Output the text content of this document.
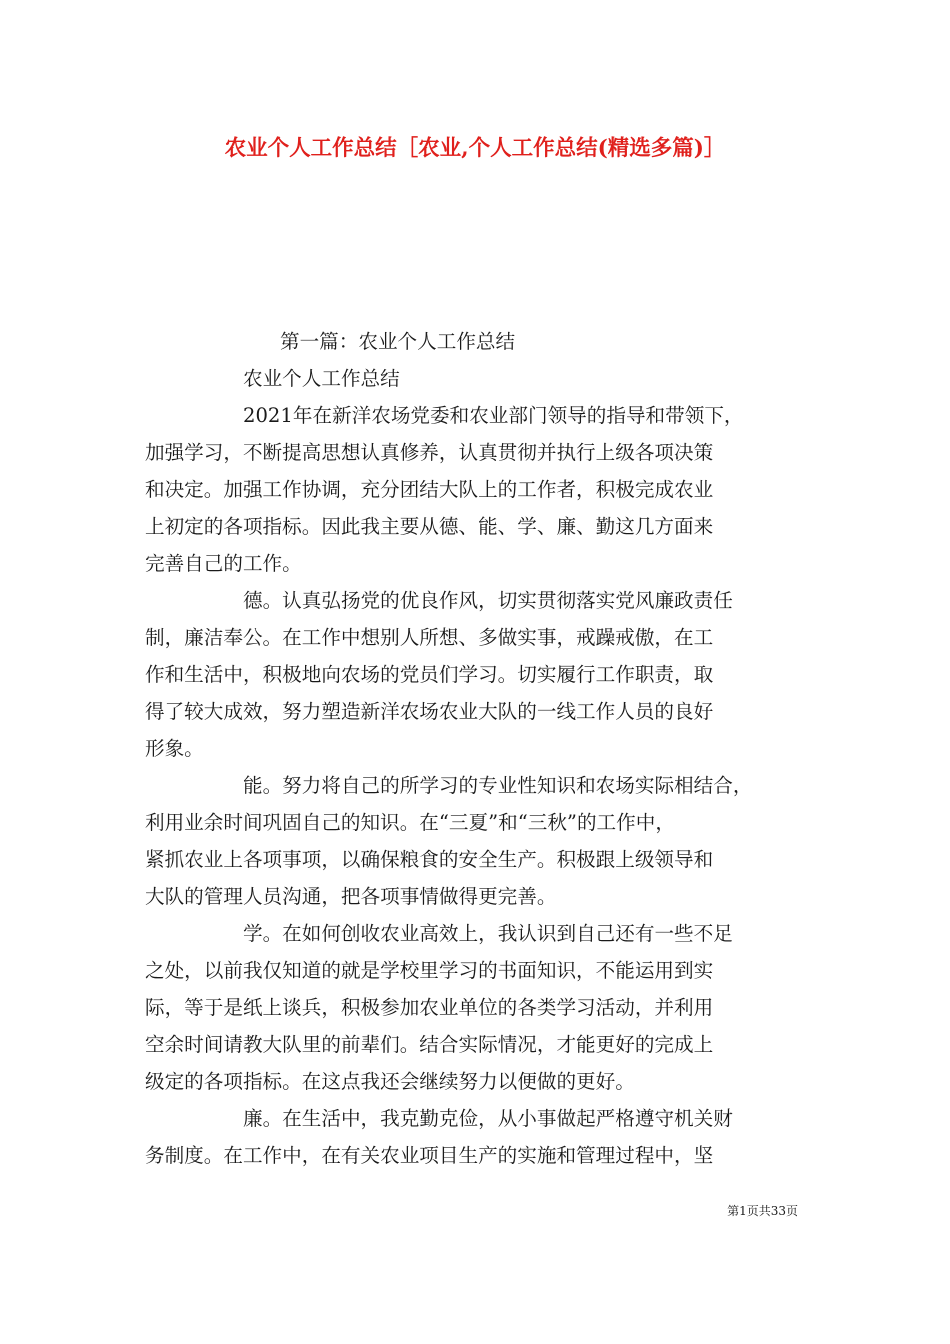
农业个人工作总结［农业,个人工作总结(精选多篇)］
第一篇：农业个人工作总结
农业个人工作总结
2021年在新洋农场党委和农业部门领导的指导和带领下，
加强学习，不断提高思想认真修养，认真贯彻并执行上级各项决策
和决定。加强工作协调，充分团结大队上的工作者，积极完成农业
上初定的各项指标。因此我主要从德、能、学、廉、勤这几方面来
完善自己的工作。
德。认真弘扬党的优良作风，切实贯彻落实党风廉政责任
制，廉洁奉公。在工作中想别人所想、多做实事，戒躁戒傲，在工
作和生活中，积极地向农场的党员们学习。切实履行工作职责，取
得了较大成效，努力塑造新洋农场农业大队的一线工作人员的良好
形象。
能。努力将自己的所学习的专业性知识和农场实际相结合，
利用业余时间巩固自己的知识。在“三夏”和“三秋”的工作中，
紧抓农业上各项事项，以确保粮食的安全生产。积极跟上级领导和
大队的管理人员沟通，把各项事情做得更完善。
学。在如何创收农业高效上，我认识到自己还有一些不足
之处，以前我仅知道的就是学校里学习的书面知识，不能运用到实
际，等于是纸上谈兵，积极参加农业单位的各类学习活动，并利用
空余时间请教大队里的前辈们。结合实际情况，才能更好的完成上
级定的各项指标。在这点我还会继续努力以便做的更好。
廉。在生活中，我克勤克俭，从小事做起严格遵守机关财
务制度。在工作中，在有关农业项目生产的实施和管理过程中，坚
第1页共33页
